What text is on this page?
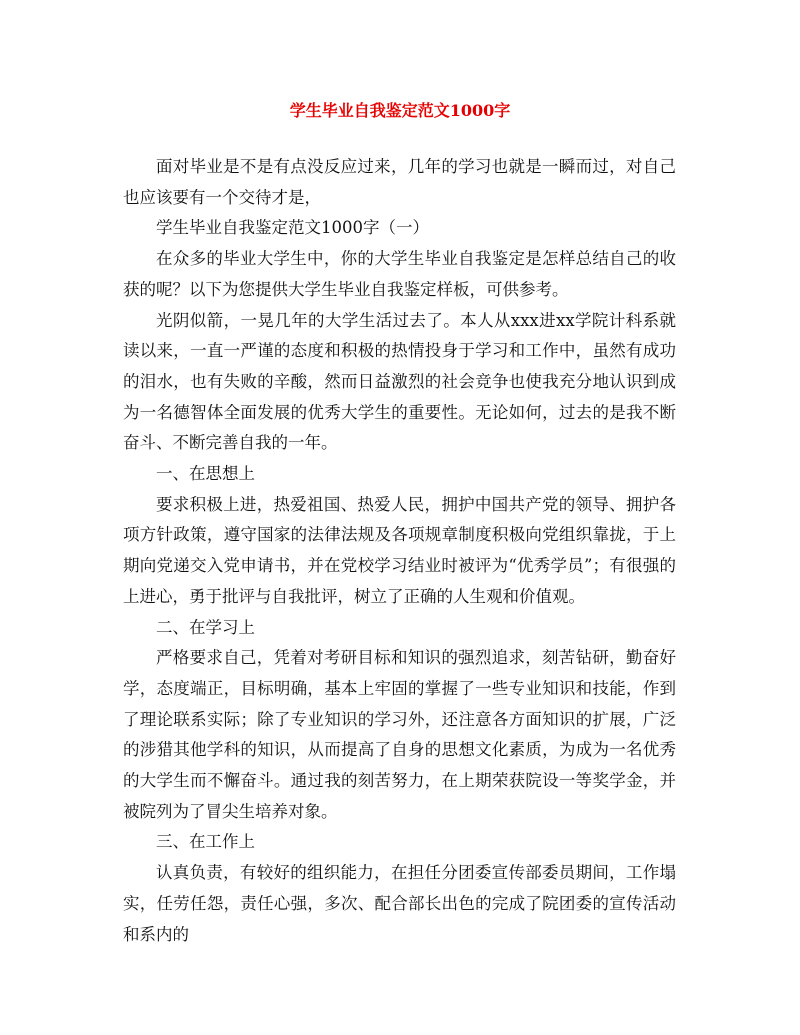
学生毕业自我鉴定范文1000字

面对毕业是不是有点没反应过来，几年的学习也就是一瞬而过，对自己也应该要有一个交待才是，

学生毕业自我鉴定范文1000字（一）

在众多的毕业大学生中，你的大学生毕业自我鉴定是怎样总结自己的收获的呢？以下为您提供大学生毕业自我鉴定样板，可供参考。

光阴似箭，一晃几年的大学生活过去了。本人从xxx进xx学院计科系就读以来，一直一严谨的态度和积极的热情投身于学习和工作中，虽然有成功的泪水，也有失败的辛酸，然而日益激烈的社会竞争也使我充分地认识到成为一名德智体全面发展的优秀大学生的重要性。无论如何，过去的是我不断奋斗、不断完善自我的一年。

一、在思想上

要求积极上进，热爱祖国、热爱人民，拥护中国共产党的领导、拥护各项方针政策，遵守国家的法律法规及各项规章制度积极向党组织靠拢，于上期向党递交入党申请书，并在党校学习结业时被评为“优秀学员”；有很强的上进心，勇于批评与自我批评，树立了正确的人生观和价值观。

二、在学习上

严格要求自己，凭着对考研目标和知识的强烈追求，刻苦钻研，勤奋好学，态度端正，目标明确，基本上牢固的掌握了一些专业知识和技能，作到了理论联系实际；除了专业知识的学习外，还注意各方面知识的扩展，广泛的涉猎其他学科的知识，从而提高了自身的思想文化素质，为成为一名优秀的大学生而不懈奋斗。通过我的刻苦努力，在上期荣获院设一等奖学金，并被院列为了冒尖生培养对象。

三、在工作上

认真负责，有较好的组织能力，在担任分团委宣传部委员期间，工作塌实，任劳任怨，责任心强，多次、配合部长出色的完成了院团委的宣传活动和系内的
